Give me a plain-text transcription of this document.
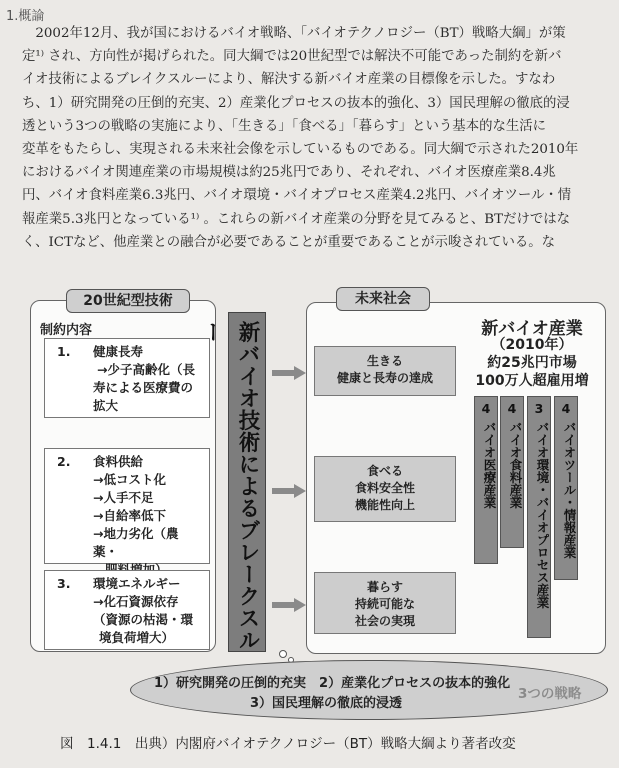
1.概論
　2002年12月、我が国におけるバイオ戦略、「バイオテクノロジー（BT）戦略大綱」が策
定¹⁾ され、方向性が掲げられた。同大綱では20世紀型では解決不可能であった制約を新バ
イオ技術によるブレイクスルーにより、解決する新バイオ産業の目標像を示した。すなわ
ち、1）研究開発の圧倒的充実、2）産業化プロセスの抜本的強化、3）国民理解の徹底的浸
透という3つの戦略の実施により、「生きる」「食べる」「暮らす」という基本的な生活に
変革をもたらし、実現される未来社会像を示しているものである。同大綱で示された2010年
におけるバイオ関連産業の市場規模は約25兆円であり、それぞれ、バイオ医療産業8.4兆
円、バイオ食料産業6.3兆円、バイオ環境・バイオプロセス産業4.2兆円、バイオツール・情
報産業5.3兆円となっている¹⁾ 。これらの新バイオ産業の分野を見てみると、BTだけではな
く、ICTなど、他産業との融合が必要であることが重要であることが示唆されている。な
20世紀型技術
制約内容
1. 健康長寿
→少子高齢化（長
寿による医療費の
拡大
2. 食料供給
→低コスト化
→人手不足
→自給率低下
→地力劣化（農薬・
3. 環境エネルギー
→化石資源依存
（資源の枯渇・環
境負荷増大）	新バイオ技術によるブレークスルー
未来社会
生きる
健康と長寿の達成
食べる
食料安全性
機能性向上
暮らす
持続可能な
社会の実現
新バイオ産業
（2010年）
約25兆円市場
100万人超雇用増
4
バイオ医療産業
4
バイオ食料産業
3
バイオ環境・バイオプロセス産業
4
バイオツール・情報産業
1）研究開発の圧倒的充実　2）産業化プロセスの抜本的強化
3）国民理解の徹底的浸透
3つの戦略
図　1.4.1　出典）内閣府バイオテクノロジー（BT）戦略大綱より著者改変
